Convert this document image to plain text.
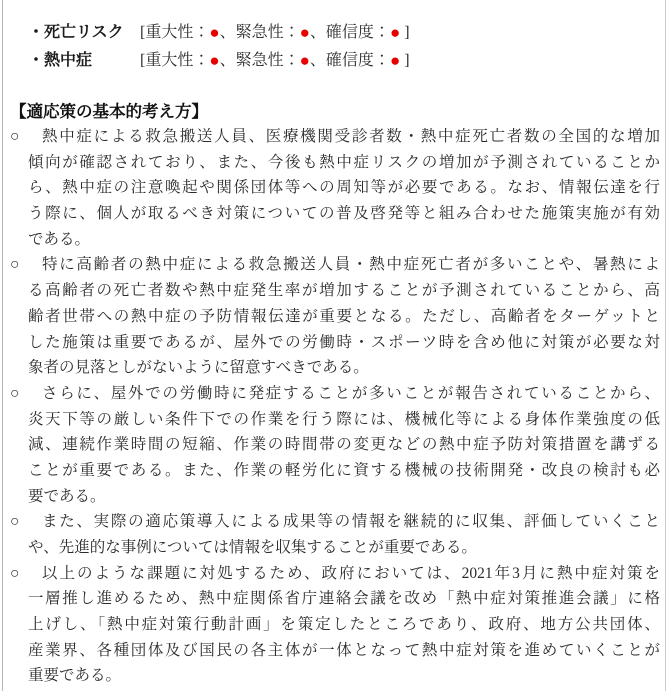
・死亡リスク [重大性：●、緊急性：●、確信度：● ]
・熱中症	[重大性：●、緊急性：●、確信度：● ]
【適応策の基本的考え方】
○	熱中症による救急搬送人員、医療機関受診者数・熱中症死亡者数の全国的な増加
傾向が確認されており、また、今後も熱中症リスクの増加が予測されていることか
ら、熱中症の注意喚起や関係団体等への周知等が必要である。なお、情報伝達を行
う際に、個人が取るべき対策についての普及啓発等と組み合わせた施策実施が有効
である。
○	特に高齢者の熱中症による救急搬送人員・熱中症死亡者が多いことや、暑熱によ
る高齢者の死亡者数や熱中症発生率が増加することが予測されていることから、高
齢者世帯への熱中症の予防情報伝達が重要となる。ただし、高齢者をターゲットと
した施策は重要であるが、屋外での労働時・スポーツ時を含め他に対策が必要な対
象者の見落としがないように留意すべきである。
○	さらに、屋外での労働時に発症することが多いことが報告されていることから、
炎天下等の厳しい条件下での作業を行う際には、機械化等による身体作業強度の低
減、連続作業時間の短縮、作業の時間帯の変更などの熱中症予防対策措置を講ずる
ことが重要である。また、作業の軽労化に資する機械の技術開発・改良の検討も必
要である。
○	また、実際の適応策導入による成果等の情報を継続的に収集、評価していくこと
や、先進的な事例については情報を収集することが重要である。
○	以上のような課題に対処するため、政府においては、2021年3月に熱中症対策を
一層推し進めるため、熱中症関係省庁連絡会議を改め「熱中症対策推進会議」に格
上げし、「熱中症対策行動計画」を策定したところであり、政府、地方公共団体、
産業界、各種団体及び国民の各主体が一体となって熱中症対策を進めていくことが
重要である。
